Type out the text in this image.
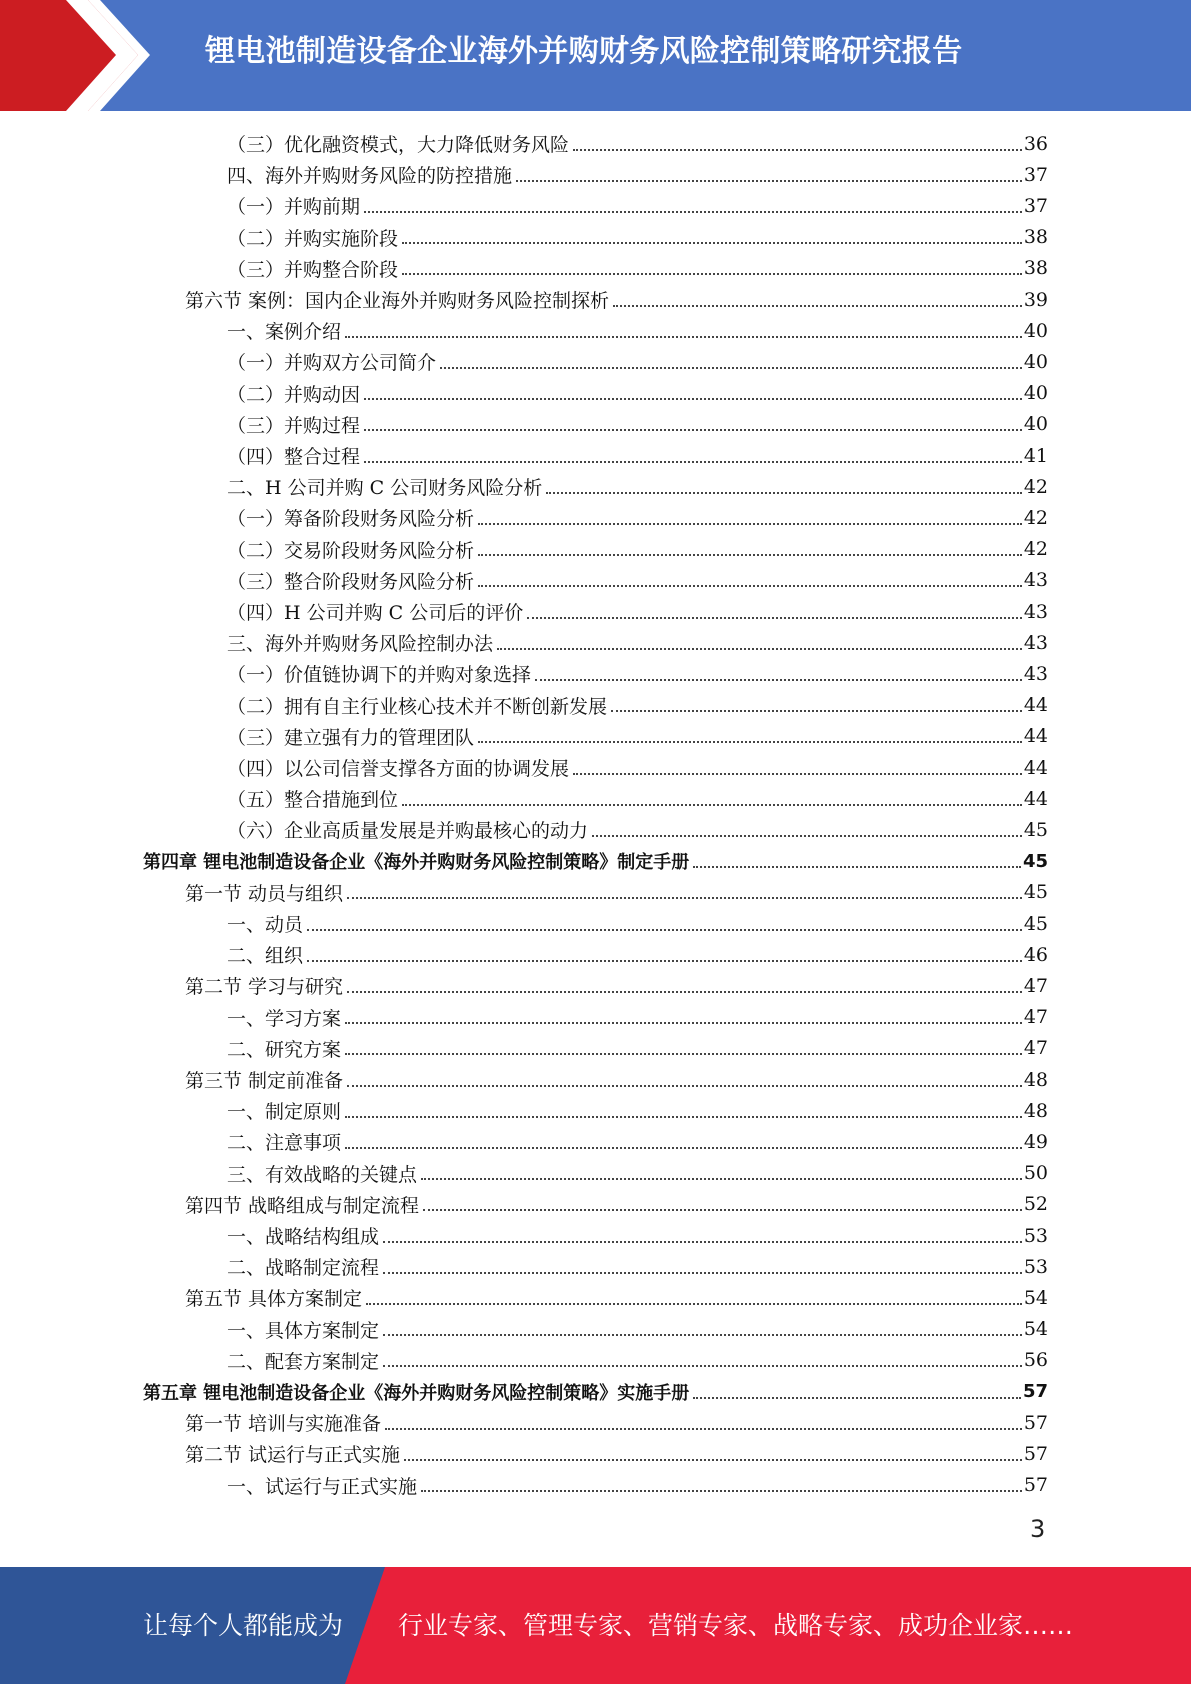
锂电池制造设备企业海外并购财务风险控制策略研究报告
（三）优化融资模式，大力降低财务风险	36
四、海外并购财务风险的防控措施	37
（一）并购前期	37
（二）并购实施阶段	38
（三）并购整合阶段	38
第六节 案例：国内企业海外并购财务风险控制探析	39
一、案例介绍	40
（一）并购双方公司简介	40
（二）并购动因	40
（三）并购过程	40
（四）整合过程	41
二、H 公司并购 C 公司财务风险分析	42
（一）筹备阶段财务风险分析	42
（二）交易阶段财务风险分析	42
（三）整合阶段财务风险分析	43
（四）H 公司并购 C 公司后的评价	43
三、海外并购财务风险控制办法	43
（一）价值链协调下的并购对象选择	43
（二）拥有自主行业核心技术并不断创新发展	44
（三）建立强有力的管理团队	44
（四）以公司信誉支撑各方面的协调发展	44
（五）整合措施到位	44
（六）企业高质量发展是并购最核心的动力	45
第四章 锂电池制造设备企业《海外并购财务风险控制策略》制定手册	45
第一节 动员与组织	45
一、动员	45
二、组织	46
第二节 学习与研究	47
一、学习方案	47
二、研究方案	47
第三节 制定前准备	48
一、制定原则	48
二、注意事项	49
三、有效战略的关键点	50
第四节 战略组成与制定流程	52
一、战略结构组成	53
二、战略制定流程	53
第五节 具体方案制定	54
一、具体方案制定	54
二、配套方案制定	56
第五章 锂电池制造设备企业《海外并购财务风险控制策略》实施手册	57
第一节 培训与实施准备	57
第二节 试运行与正式实施	57
一、试运行与正式实施	57
3
让每个人都能成为 行业专家、管理专家、营销专家、战略专家、成功企业家……
